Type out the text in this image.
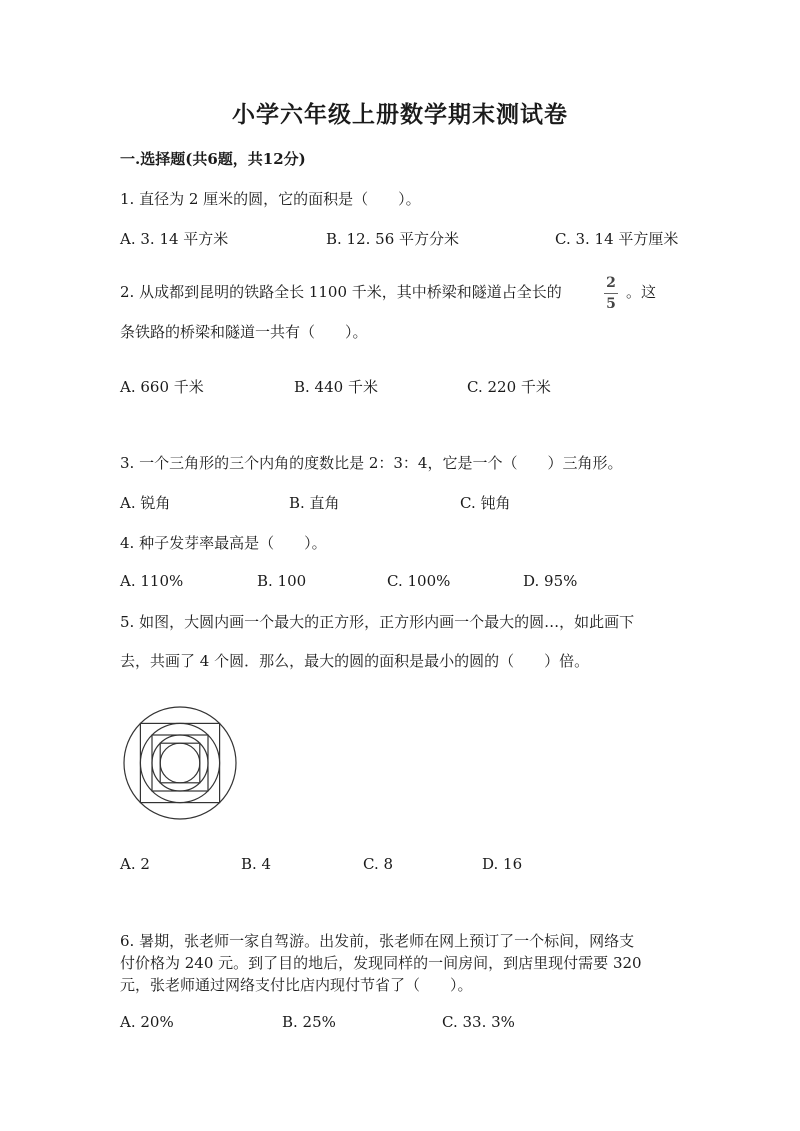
小学六年级上册数学期末测试卷
一.选择题(共6题，共12分)
1. 直径为 2 厘米的圆，它的面积是（　　）。
A. 3. 14 平方米	B. 12. 56 平方分米	C. 3. 14 平方厘米
2. 从成都到昆明的铁路全长 1100 千米，其中桥梁和隧道占全长的	2
5
。这
条铁路的桥梁和隧道一共有（　　）。
A. 660 千米	B. 440 千米	C. 220 千米
3. 一个三角形的三个内角的度数比是 2：3：4，它是一个（　　）三角形。
A. 锐角	B. 直角	C. 钝角
4. 种子发芽率最高是（　　）。
A. 110%	B. 100	C. 100%	D. 95%
5. 如图，大圆内画一个最大的正方形，正方形内画一个最大的圆…，如此画下
去，共画了 4 个圆．那么，最大的圆的面积是最小的圆的（　　）倍。
A. 2	B. 4	C. 8	D. 16
6. 暑期，张老师一家自驾游。出发前，张老师在网上预订了一个标间，网络支
付价格为 240 元。到了目的地后，发现同样的一间房间，到店里现付需要 320
元，张老师通过网络支付比店内现付节省了（　　）。
A. 20%	B. 25%	C. 33. 3%
